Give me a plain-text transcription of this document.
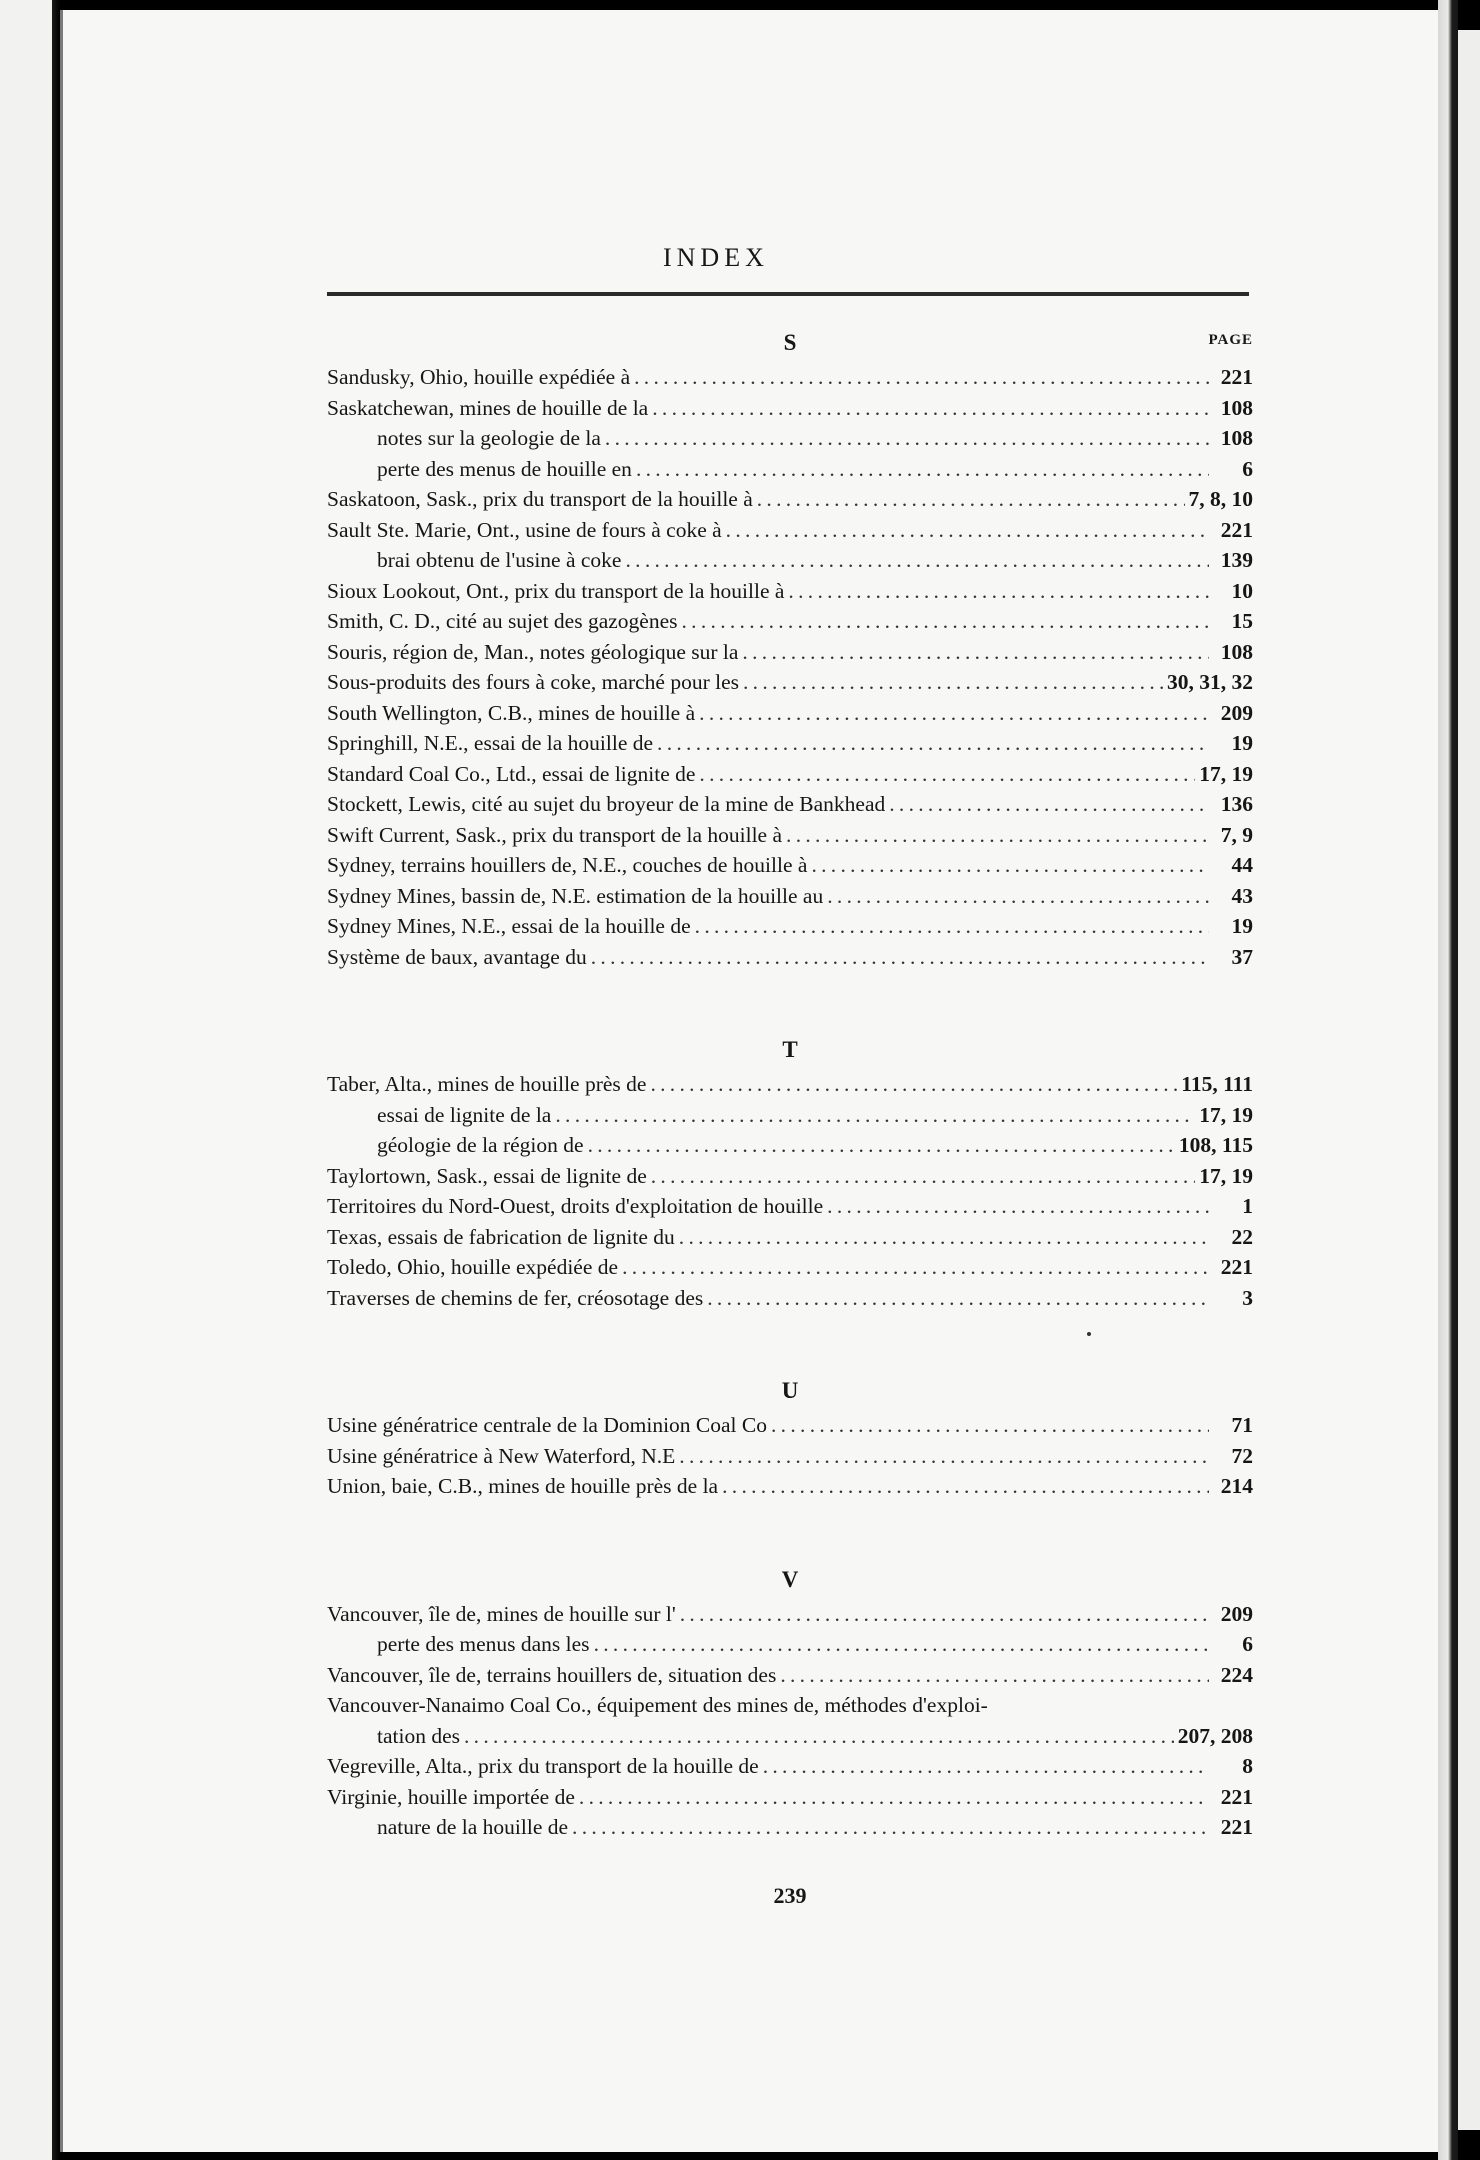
INDEX
S	PAGE
Sandusky, Ohio, houille expédiée à .....	221
Saskatchewan, mines de houille de la .....	108
notes sur la geologie de la .....	108
perte des menus de houille en .....	6
Saskatoon, Sask., prix du transport de la houille à .....	7, 8, 10
Sault Ste. Marie, Ont., usine de fours à coke à .....	221
brai obtenu de l'usine à coke .....	139
Sioux Lookout, Ont., prix du transport de la houille à .....	10
Smith, C. D., cité au sujet des gazogènes .....	15
Souris, région de, Man., notes géologique sur la .....	108
Sous-produits des fours à coke, marché pour les .....	30, 31, 32
South Wellington, C.B., mines de houille à .....	209
Springhill, N.E., essai de la houille de .....	19
Standard Coal Co., Ltd., essai de lignite de .....	17, 19
Stockett, Lewis, cité au sujet du broyeur de la mine de Bankhead .....	136
Swift Current, Sask., prix du transport de la houille à .....	7, 9
Sydney, terrains houillers de, N.E., couches de houille à .....	44
Sydney Mines, bassin de, N.E. estimation de la houille au .....	43
Sydney Mines, N.E., essai de la houille de .....	19
Système de baux, avantage du .....	37
T
Taber, Alta., mines de houille près de .....	115, 111
essai de lignite de la .....	17, 19
géologie de la région de .....	108, 115
Taylortown, Sask., essai de lignite de .....	17, 19
Territoires du Nord-Ouest, droits d'exploitation de houille .....	1
Texas, essais de fabrication de lignite du .....	22
Toledo, Ohio, houille expédiée de .....	221
Traverses de chemins de fer, créosotage des .....	3
U
Usine génératrice centrale de la Dominion Coal Co .....	71
Usine génératrice à New Waterford, N.E .....	72
Union, baie, C.B., mines de houille près de la .....	214
V
Vancouver, île de, mines de houille sur l' .....	209
perte des menus dans les .....	6
Vancouver, île de, terrains houillers de, situation des .....	224
Vancouver-Nanaimo Coal Co., équipement des mines de, méthodes d'exploi-
tation des .....	207, 208
Vegreville, Alta., prix du transport de la houille de .....	8
Virginie, houille importée de .....	221
nature de la houille de .....	221
239
